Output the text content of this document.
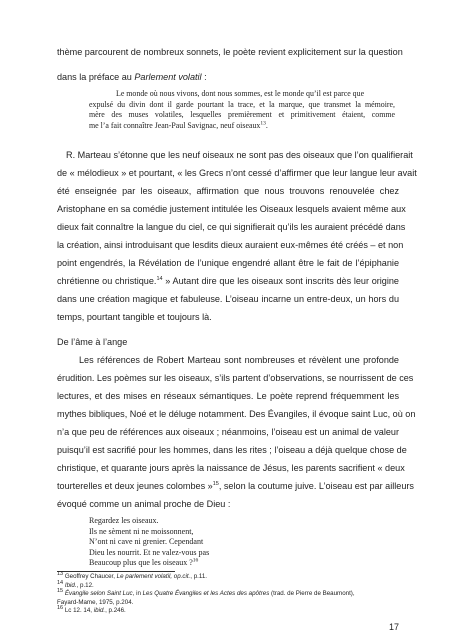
thème parcourent de nombreux sonnets, le poète revient explicitement sur la question
dans la préface au Parlement volatil :
Le monde où nous vivons, dont nous sommes, est le monde qu’il est parce que
expulsé du divin dont il garde pourtant la trace, et la marque, que transmet la mémoire,
mère des muses volatiles, lesquelles premièrement et primitivement étaient, comme
me l’a fait connaître Jean-Paul Savignac, neuf oiseaux$^{13}$.
R. Marteau s’étonne que les neuf oiseaux ne sont pas des oiseaux que l’on qualifierait
de « mélodieux » et pourtant, « les Grecs n’ont cessé d’affirmer que leur langue leur avait
été enseignée par les oiseaux, affirmation que nous trouvons renouvelée chez
Aristophane en sa comédie justement intitulée les Oiseaux lesquels avaient même aux
dieux fait connaître la langue du ciel, ce qui signifierait qu’ils les auraient précédé dans
la création, ainsi introduisant que lesdits dieux auraient eux-mêmes été créés – et non
point engendrés, la Révélation de l’unique engendré allant être le fait de l’épiphanie
chrétienne ou christique.$^{14}$ » Autant dire que les oiseaux sont inscrits dès leur origine
dans une création magique et fabuleuse. L’oiseau incarne un entre-deux, un hors du
temps, pourtant tangible et toujours là.
De l’âme à l’ange
Les références de Robert Marteau sont nombreuses et révèlent une profonde
érudition. Les poèmes sur les oiseaux, s’ils partent d’observations, se nourrissent de ces
lectures, et des mises en réseaux sémantiques. Le poète reprend fréquemment les
mythes bibliques, Noé et le déluge notamment. Des Évangiles, il évoque saint Luc, où on
n’a que peu de références aux oiseaux ; néanmoins, l’oiseau est un animal de valeur
puisqu’il est sacrifié pour les hommes, dans les rites ; l’oiseau a déjà quelque chose de
christique, et quarante jours après la naissance de Jésus, les parents sacrifient « deux
tourterelles et deux jeunes colombes »$^{15}$, selon la coutume juive. L’oiseau est par ailleurs
évoqué comme un animal proche de Dieu :
Regardez les oiseaux.
Ils ne sèment ni ne moissonnent,
N’ont ni cave ni grenier. Cependant
Dieu les nourrit. Et ne valez-vous pas
Beaucoup plus que les oiseaux ?$^{16}$
13 Geoffrey Chaucer, Le parlement volatil, op.cit., p.11.
14 Ibid., p.12.
15 Évangile selon Saint Luc, in Les Quatre Évangiles et les Actes des apôtres (trad. de Pierre de Beaumont),
Fayard-Mame, 1975, p.204.
16 Lc 12. 14, ibid., p.246.
17
